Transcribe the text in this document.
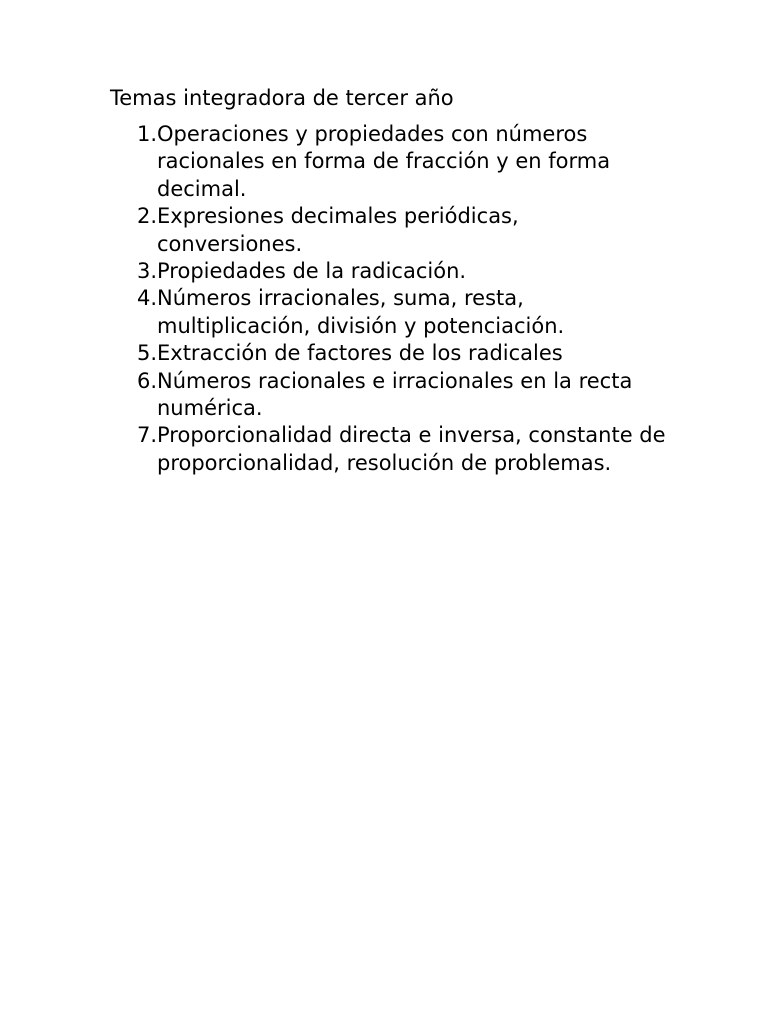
Temas integradora de tercer año
1. Operaciones y propiedades con números racionales en forma de fracción y en forma decimal.
2. Expresiones decimales periódicas, conversiones.
3. Propiedades de la radicación.
4. Números irracionales, suma, resta, multiplicación, división y potenciación.
5. Extracción de factores de los radicales
6. Números racionales e irracionales en la recta numérica.
7. Proporcionalidad directa e inversa, constante de proporcionalidad, resolución de problemas.
